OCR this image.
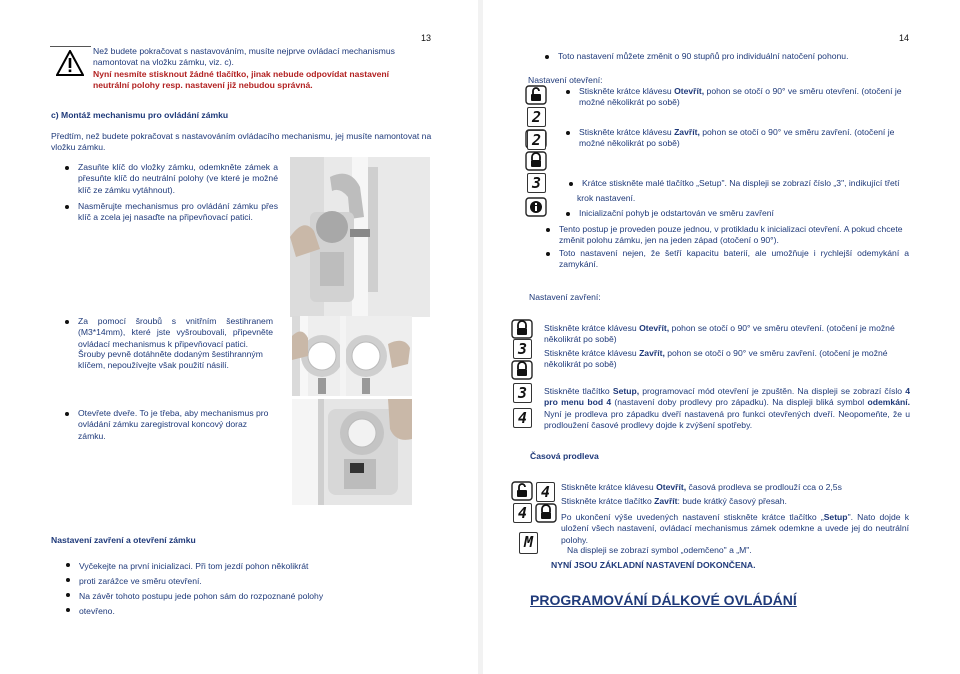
13
Než budete pokračovat s nastavováním, musíte nejprve ovládací mechanismus
namontovat na vložku zámku, viz. c).
Nyní nesmíte stisknout žádné tlačítko, jinak nebude odpovídat nastavení
neutrální polohy resp. nastavení již nebudou správná.
c) Montáž mechanismu pro ovládání zámku
Předtím, než budete pokračovat s nastavováním ovládacího mechanismu, jej musíte namontovat na vložku zámku.
Zasuňte klíč do vložky zámku, odemkněte zámek a přesuňte klíč do neutrální polohy (ve které je možné klíč ze zámku vytáhnout).
Nasměrujte mechanismus pro ovládání zámku přes klíč a zcela jej nasaďte na připevňovací patici.
Za pomocí šroubů s vnitřním šestihranem (M3*14mm), které jste vyšroubovali, připevněte ovládací mechanismus k připevňovací patici.
Šrouby pevně dotáhněte dodaným šestihranným klíčem, nepoužívejte však použití násilí.
Otevřete dveře. To je třeba, aby mechanismus pro ovládání zámku zaregistroval koncový doraz zámku.
Nastavení zavření a otevření zámku
Vyčekejte na první inicializaci. Při tom jezdí pohon několikrát
proti zarážce ve směru otevření.
Na závěr tohoto postupu jede pohon sám do rozpoznané polohy
otevřeno.
14
Toto nastavení můžete změnit o 90 stupňů pro individuální natočení pohonu.
Nastavení otevření:
2
2
3
Stiskněte krátce klávesu Otevřít, pohon se otočí o 90° ve směru otevření. (otočení je možné několikrát po sobě)
Stiskněte krátce klávesu Zavřít, pohon se otočí o 90° ve směru zavření. (otočení je možné několikrát po sobě)
Krátce stiskněte malé tlačítko „Setup". Na displeji se zobrazí číslo „3", indikující třetí
krok nastavení.
Inicializační pohyb je odstartován ve směru zavření
Tento postup je proveden pouze jednou, v protikladu k inicializaci otevření. A pokud chcete změnit polohu zámku, jen na jeden západ (otočení o 90°).
Toto nastavení nejen, že šetří kapacitu baterií, ale umožňuje i rychlejší odemykání a zamykání.
Nastavení zavření:
3
3
4
Stiskněte krátce klávesu Otevřít, pohon se otočí o 90° ve směru otevření. (otočení je možné několikrát po sobě)
Stiskněte krátce klávesu Zavřít, pohon se otočí o 90° ve směru zavření. (otočení je možné několikrát po sobě)
Stiskněte tlačítko Setup, programovací mód otevření je zpuštěn. Na displeji se zobrazí číslo 4 pro menu bod 4 (nastavení doby prodlevy pro západku). Na displeji bliká symbol odemkání. Nyní je prodleva pro západku dveří nastavená pro funkci otevřených dveří. Neopomeňte, že u prodloužení časové prodlevy dojde k zvýšení spotřeby.
Časová prodleva
4
4
M
Stiskněte krátce klávesu Otevřít, časová prodleva se prodlouží cca o 2,5s
Stiskněte krátce tlačítko Zavřít: bude krátký časový přesah.
Po ukončení výše uvedených nastavení stiskněte krátce tlačítko „Setup". Nato dojde k uložení všech nastavení, ovládací mechanismus zámek odemkne a uvede jej do neutrální polohy.
Na displeji se zobrazí symbol „odemčeno" a „M".
NYNÍ JSOU ZÁKLADNÍ NASTAVENÍ DOKONČENA.
PROGRAMOVÁNÍ DÁLKOVÉ OVLÁDÁNÍ
